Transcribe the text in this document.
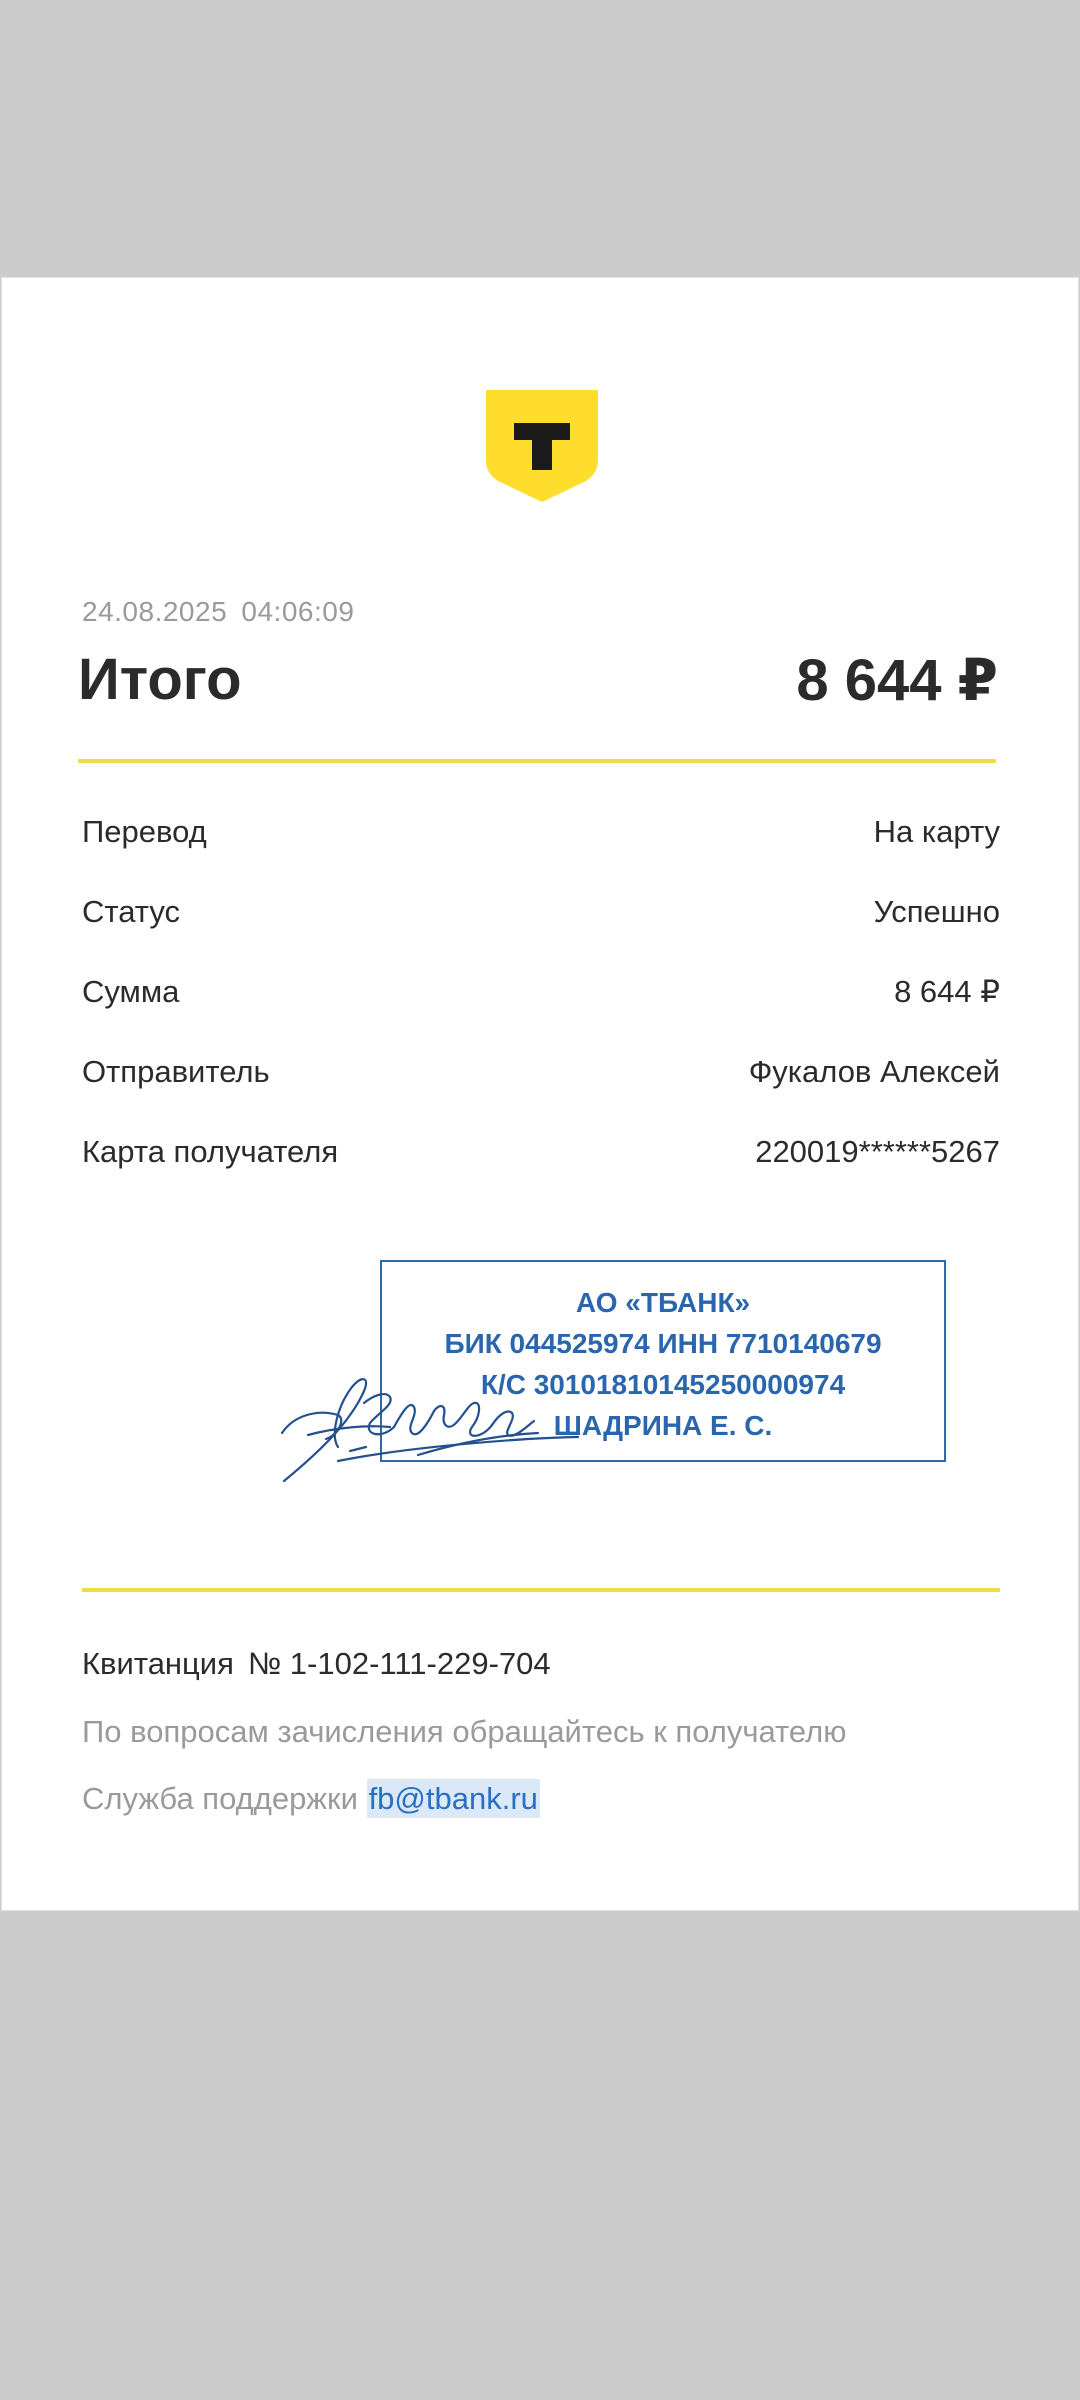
24.08.2025 04:06:09
Итого	8 644 ₽
Перевод	На карту
Статус	Успешно
Сумма	8 644 ₽
Отправитель	Фукалов Алексей
Карта получателя	220019******5267
АО «ТБАНК»
БИК 044525974 ИНН 7710140679
К/С 30101810145250000974
ШАДРИНА Е. С.
Квитанция № 1-102-111-229-704
По вопросам зачисления обращайтесь к получателю
Служба поддержки fb@tbank.ru
